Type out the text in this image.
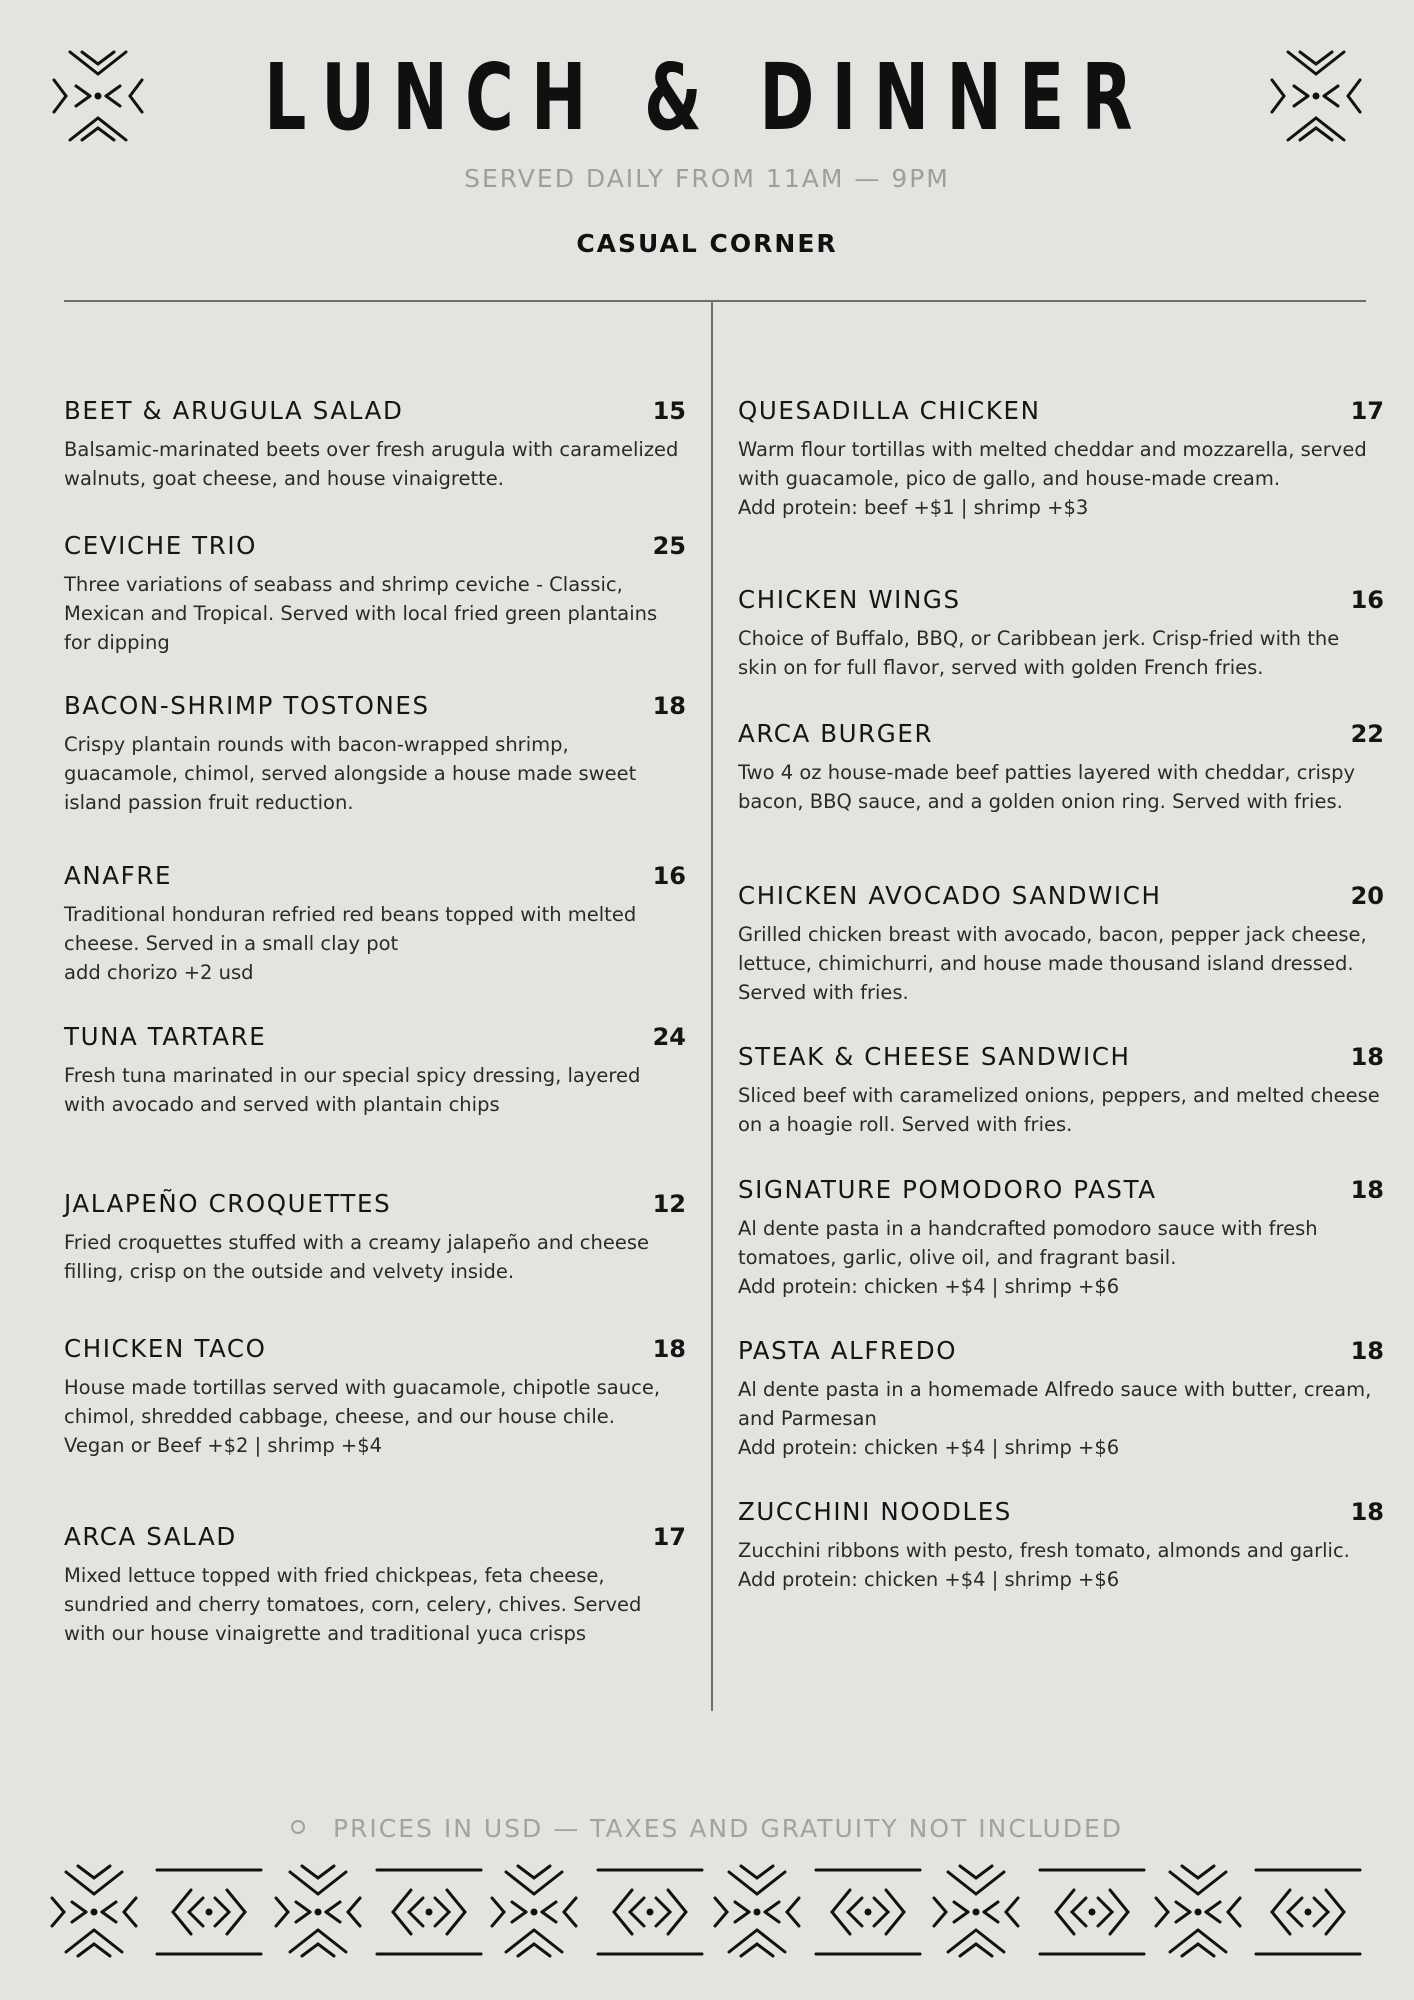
LUNCH & DINNER
SERVED DAILY FROM 11AM — 9PM
CASUAL CORNER
BEET & ARUGULA SALAD	15
Balsamic-marinated beets over fresh arugula with caramelized walnuts, goat cheese, and house vinaigrette.
CEVICHE TRIO	25
Three variations of seabass and shrimp ceviche - Classic, Mexican and Tropical. Served with local fried green plantains for dipping
BACON-SHRIMP TOSTONES	18
Crispy plantain rounds with bacon-wrapped shrimp, guacamole, chimol, served alongside a house made sweet island passion fruit reduction.
ANAFRE	16
Traditional honduran refried red beans topped with melted cheese. Served in a small clay pot
add chorizo +2 usd
TUNA TARTARE	24
Fresh tuna marinated in our special spicy dressing, layered with avocado and served with plantain chips
JALAPEÑO CROQUETTES	12
Fried croquettes stuffed with a creamy jalapeño and cheese filling, crisp on the outside and velvety inside.
CHICKEN TACO	18
House made tortillas served with guacamole, chipotle sauce, chimol, shredded cabbage, cheese, and our house chile.
Vegan or Beef +$2 | shrimp +$4
ARCA SALAD	17
Mixed lettuce topped with fried chickpeas, feta cheese, sundried and cherry tomatoes, corn, celery, chives. Served with our house vinaigrette and traditional yuca crisps
QUESADILLA CHICKEN	17
Warm flour tortillas with melted cheddar and mozzarella, served with guacamole, pico de gallo, and house-made cream.
Add protein: beef +$1 | shrimp +$3
CHICKEN WINGS	16
Choice of Buffalo, BBQ, or Caribbean jerk. Crisp-fried with the skin on for full flavor, served with golden French fries.
ARCA BURGER	22
Two 4 oz house-made beef patties layered with cheddar, crispy bacon, BBQ sauce, and a golden onion ring. Served with fries.
CHICKEN AVOCADO SANDWICH	20
Grilled chicken breast with avocado, bacon, pepper jack cheese, lettuce, chimichurri, and house made thousand island dressed. Served with fries.
STEAK & CHEESE SANDWICH	18
Sliced beef with caramelized onions, peppers, and melted cheese on a hoagie roll. Served with fries.
SIGNATURE POMODORO PASTA	18
Al dente pasta in a handcrafted pomodoro sauce with fresh tomatoes, garlic, olive oil, and fragrant basil.
Add protein: chicken +$4 | shrimp +$6
PASTA ALFREDO	18
Al dente pasta in a homemade Alfredo sauce with butter, cream, and Parmesan
Add protein: chicken +$4 | shrimp +$6
ZUCCHINI NOODLES	18
Zucchini ribbons with pesto, fresh tomato, almonds and garlic.
Add protein: chicken +$4 | shrimp +$6
PRICES IN USD — TAXES AND GRATUITY NOT INCLUDED
